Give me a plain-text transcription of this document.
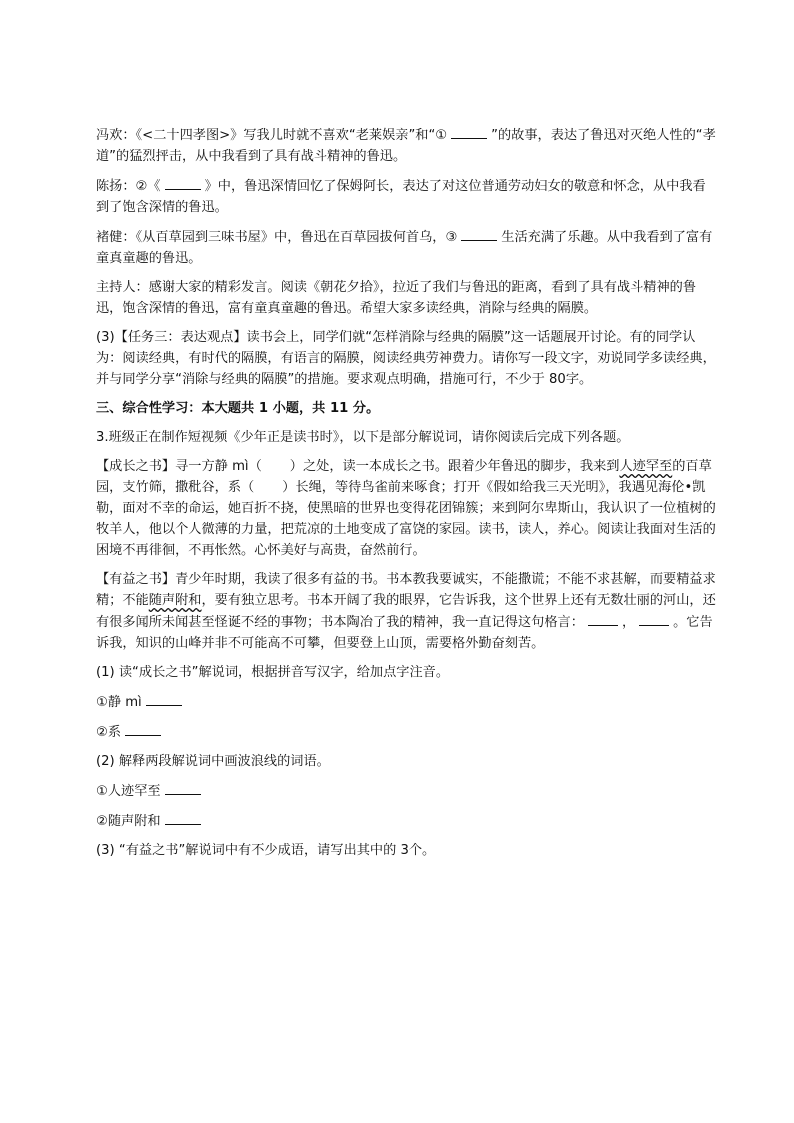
冯欢：《<二十四孝图>》写我儿时就不喜欢“老莱娱亲”和“①	”的故事，表达了鲁迅对灭绝人性的“孝道”的猛烈抨击，从中我看到了具有战斗精神的鲁迅。

陈扬：②《	》中，鲁迅深情回忆了保姆阿长，表达了对这位普通劳动妇女的敬意和怀念，从中我看到了饱含深情的鲁迅。

褚健：《从百草园到三味书屋》中，鲁迅在百草园拔何首乌，③	生活充满了乐趣。从中我看到了富有童真童趣的鲁迅。

主持人：感谢大家的精彩发言。阅读《朝花夕拾》，拉近了我们与鲁迅的距离，看到了具有战斗精神的鲁迅，饱含深情的鲁迅，富有童真童趣的鲁迅。希望大家多读经典，消除与经典的隔膜。

(3)【任务三：表达观点】读书会上，同学们就“怎样消除与经典的隔膜”这一话题展开讨论。有的同学认为：阅读经典，有时代的隔膜，有语言的隔膜，阅读经典劳神费力。请你写一段文字，劝说同学多读经典，并与同学分享“消除与经典的隔膜”的措施。要求观点明确，措施可行，不少于 80字。

三、综合性学习：本大题共 1 小题，共 11 分。

3.班级正在制作短视频《少年正是读书时》，以下是部分解说词，请你阅读后完成下列各题。

【成长之书】寻一方静 mì（ ）之处，读一本成长之书。跟着少年鲁迅的脚步，我来到人迹罕至的百草园，支竹筛，撒秕谷，系（ ）长绳，等待鸟雀前来啄食；打开《假如给我三天光明》，我遇见海伦•凯勒，面对不幸的命运，她百折不挠，使黑暗的世界也变得花团锦簇；来到阿尔卑斯山，我认识了一位植树的牧羊人，他以个人微薄的力量，把荒凉的土地变成了富饶的家园。读书，读人，养心。阅读让我面对生活的困境不再徘徊，不再怅然。心怀美好与高贵，奋然前行。

【有益之书】青少年时期，我读了很多有益的书。书本教我要诚实，不能撒谎；不能不求甚解，而要精益求精；不能随声附和，要有独立思考。书本开阔了我的眼界，它告诉我，这个世界上还有无数壮丽的河山，还有很多闻所未闻甚至怪诞不经的事物；书本陶冶了我的精神，我一直记得这句格言：	，	。它告诉我，知识的山峰并非不可能高不可攀，但要登上山顶，需要格外勤奋刻苦。

(1) 读“成长之书”解说词，根据拼音写汉字，给加点字注音。

①静 mì

②系

(2) 解释两段解说词中画波浪线的词语。

①人迹罕至

②随声附和

(3) “有益之书”解说词中有不少成语，请写出其中的 3个。
